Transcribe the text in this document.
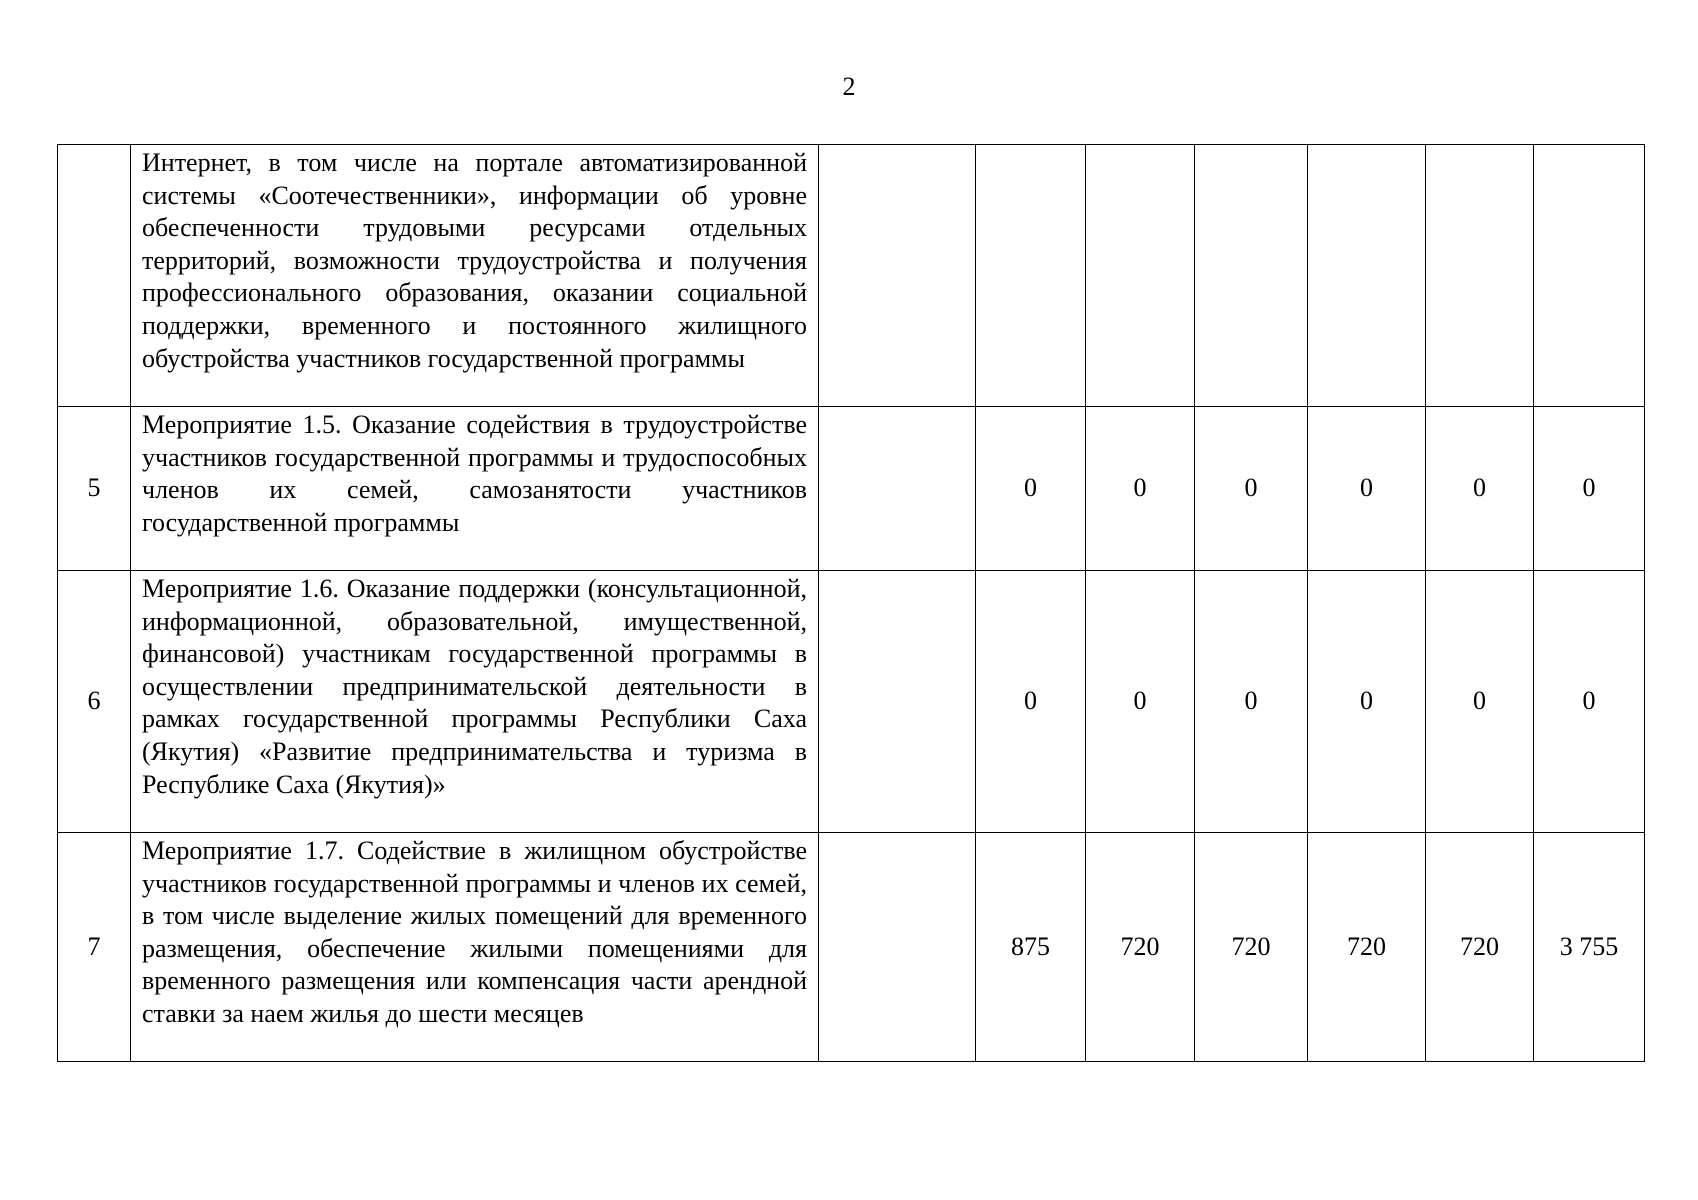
2
	Интернет, в том числе на портале автоматизированной системы «Соотечественники», информации об уровне обеспеченности трудовыми ресурсами отдельных территорий, возможности трудоустройства и получения профессионального образования, оказании социальной поддержки, временного и постоянного жилищного обустройства участников государственной программы							
5	Мероприятие 1.5. Оказание содействия в трудоустройстве участников государственной программы и трудоспособных членов их семей, самозанятости участников государственной программы		0	0	0	0	0	0
6	Мероприятие 1.6. Оказание поддержки (консультационной, информационной, образовательной, имущественной, финансовой) участникам государственной программы в осуществлении предпринимательской деятельности в рамках государственной программы Республики Саха (Якутия) «Развитие предпринимательства и туризма в Республике Саха (Якутия)»		0	0	0	0	0	0
7	Мероприятие 1.7. Содействие в жилищном обустройстве участников государственной программы и членов их семей, в том числе выделение жилых помещений для временного размещения, обеспечение жилыми помещениями для временного размещения или компенсация части арендной ставки за наем жилья до шести месяцев		875	720	720	720	720	3 755
